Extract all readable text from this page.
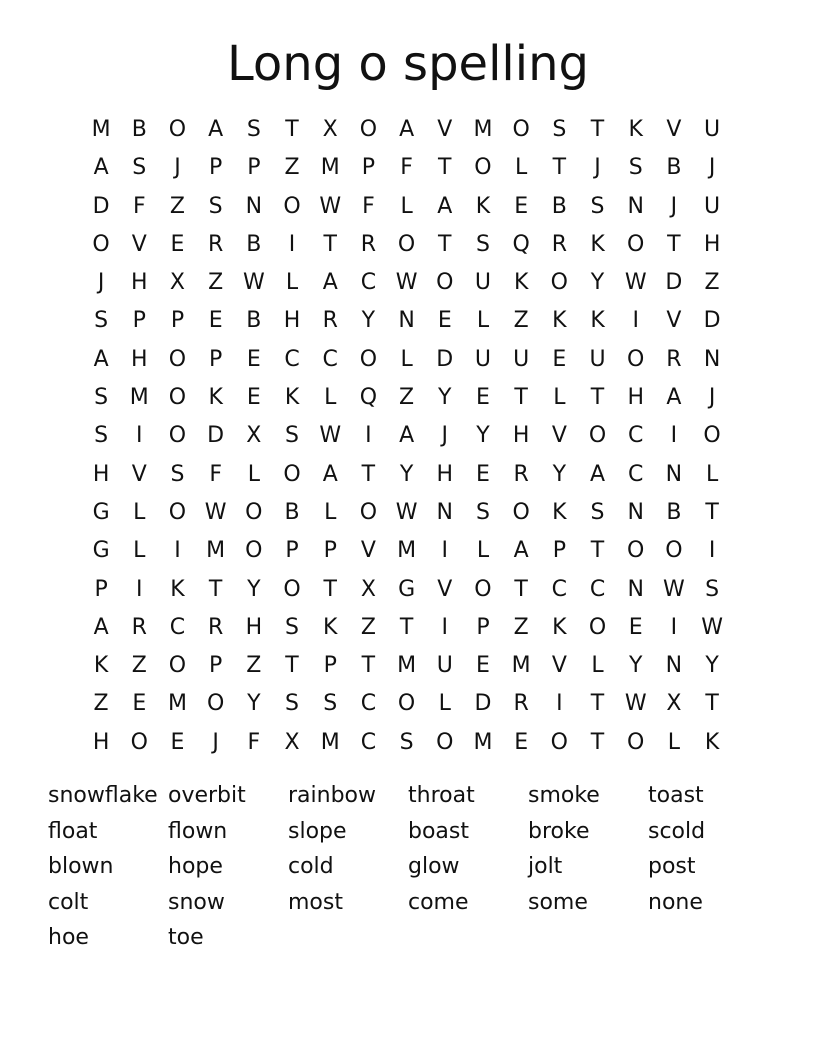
Long o spelling
M B O	A	S	T	X O	A	V M O	S	T	K	V	U
A	S	J	P	P	Z M	P	F	T	O	L	T	J	S	B	J
D	F	Z	S	N O W F	L	A	K	E	B	S	N	J	U
O	V	E	R	B	I	T	R O	T	S	Q R	K	O	T	H
J	H	X	Z W L	A	C W O U	K	O	Y W D	Z
S	P	P	E	B	H	R	Y	N	E	L	Z	K	K	I	V	D
A	H O	P	E	C	C O	L	D U	U	E	U O R	N
S M O	K	E	K	L	Q Z	Y	E	T	L	T	H	A	J
S	I	O D	X	S W	I	A	J	Y	H	V O C	I	O
H	V	S	F	L	O	A	T	Y	H	E	R	Y	A	C	N	L
G	L	O W O B	L	O W N	S	O	K	S	N	B	T
G	L	I	M O	P	P	V M	I	L	A	P	T	O O	I
P	I	K	T	Y	O	T	X	G	V O	T	C	C	N W S
A	R	C	R	H	S	K	Z	T	I	P	Z	K	O	E	I	W
K	Z O	P	Z	T	P	T M U	E M V	L	Y	N	Y
Z	E M O	Y	S	S	C O	L	D	R	I	T W X	T
H O	E	J	F	X M C	S	O M E	O	T	O	L	K
snowflake overbit	rainbow	throat	smoke	toast
float	flown	slope	boast	broke	scold
blown	hope	cold	glow	jolt	post
colt	snow	most	come	some	none
hoe	toe
